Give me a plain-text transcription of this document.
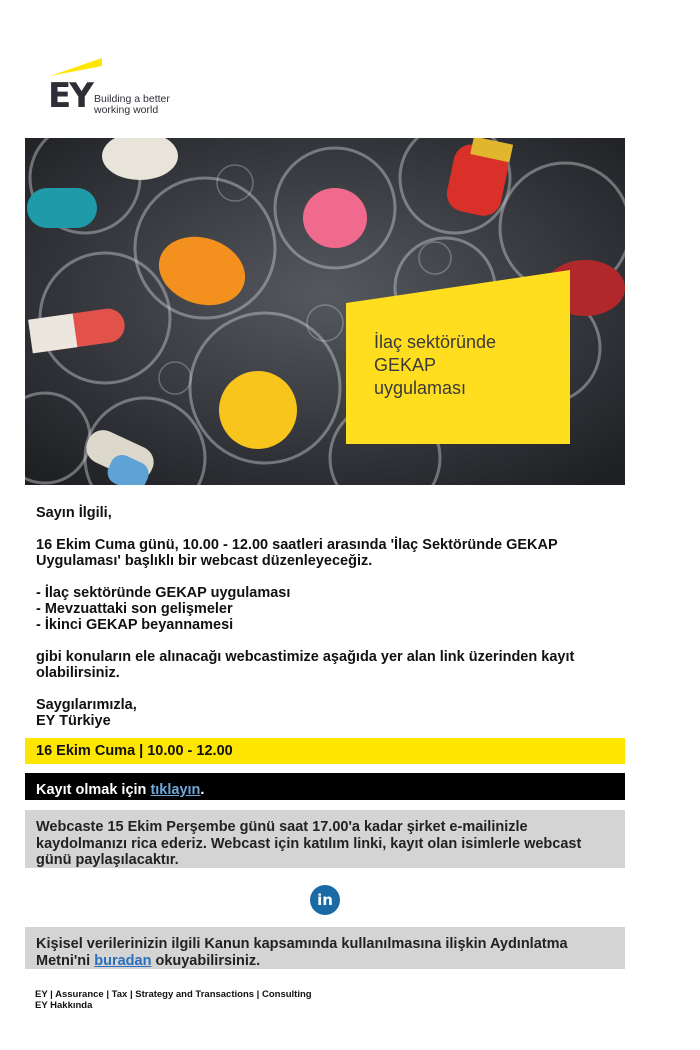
EY Building a better
working world
İlaç sektöründe
GEKAP
uygulaması

Sayın İlgili,

16 Ekim Cuma günü, 10.00 - 12.00 saatleri arasında 'İlaç Sektöründe GEKAP Uygulaması' başlıklı bir webcast düzenleyeceğiz.

- İlaç sektöründe GEKAP uygulaması

- Mevzuattaki son gelişmeler

- İkinci GEKAP beyannamesi

gibi konuların ele alınacağı webcastimize aşağıda yer alan link üzerinden kayıt olabilirsiniz.

Saygılarımızla,

EY Türkiye

16 Ekim Cuma | 10.00 - 12.00
Kayıt olmak için tıklayın.
Webcaste 15 Ekim Perşembe günü saat 17.00'a kadar şirket e-mailinizle kaydolmanızı rica ederiz. Webcast için katılım linki, kayıt olan isimlerle webcast günü paylaşılacaktır.
in
Kişisel verilerinizin ilgili Kanun kapsamında kullanılmasına ilişkin Aydınlatma Metni'ni buradan okuyabilirsiniz.
EY | Assurance | Tax | Strategy and Transactions | Consulting
EY Hakkında
